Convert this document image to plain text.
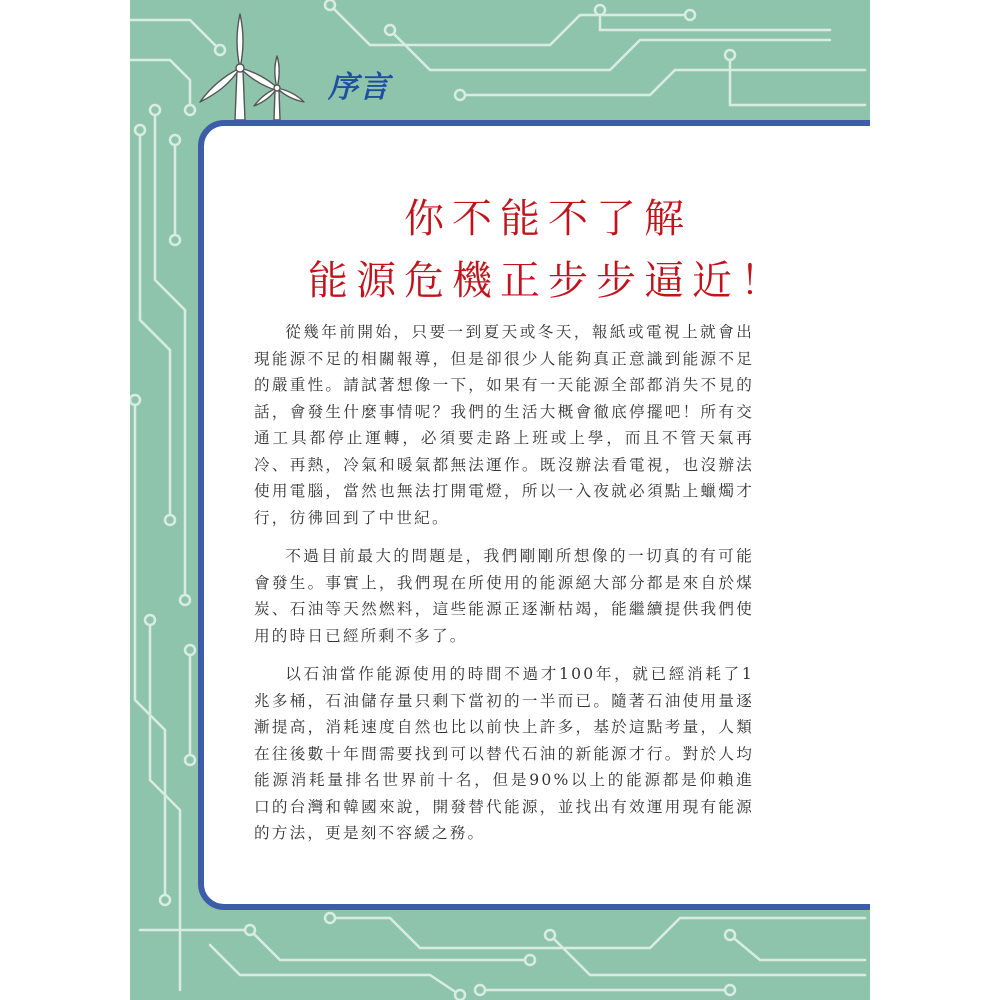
序言
你不能不了解
能源危機正步步逼近！

從幾年前開始，只要一到夏天或冬天，報紙或電視上就會出現能源不足的相關報導，但是卻很少人能夠真正意識到能源不足的嚴重性。請試著想像一下，如果有一天能源全部都消失不見的話，會發生什麼事情呢？我們的生活大概會徹底停擺吧！所有交通工具都停止運轉，必須要走路上班或上學，而且不管天氣再冷、再熱，冷氣和暖氣都無法運作。既沒辦法看電視，也沒辦法使用電腦，當然也無法打開電燈，所以一入夜就必須點上蠟燭才行，彷彿回到了中世紀。

不過目前最大的問題是，我們剛剛所想像的一切真的有可能會發生。事實上，我們現在所使用的能源絕大部分都是來自於煤炭、石油等天然燃料，這些能源正逐漸枯竭，能繼續提供我們使用的時日已經所剩不多了。

以石油當作能源使用的時間不過才100年，就已經消耗了1兆多桶，石油儲存量只剩下當初的一半而已。隨著石油使用量逐漸提高，消耗速度自然也比以前快上許多，基於這點考量，人類在往後數十年間需要找到可以替代石油的新能源才行。對於人均能源消耗量排名世界前十名，但是90%以上的能源都是仰賴進口的台灣和韓國來說，開發替代能源，並找出有效運用現有能源的方法，更是刻不容緩之務。
